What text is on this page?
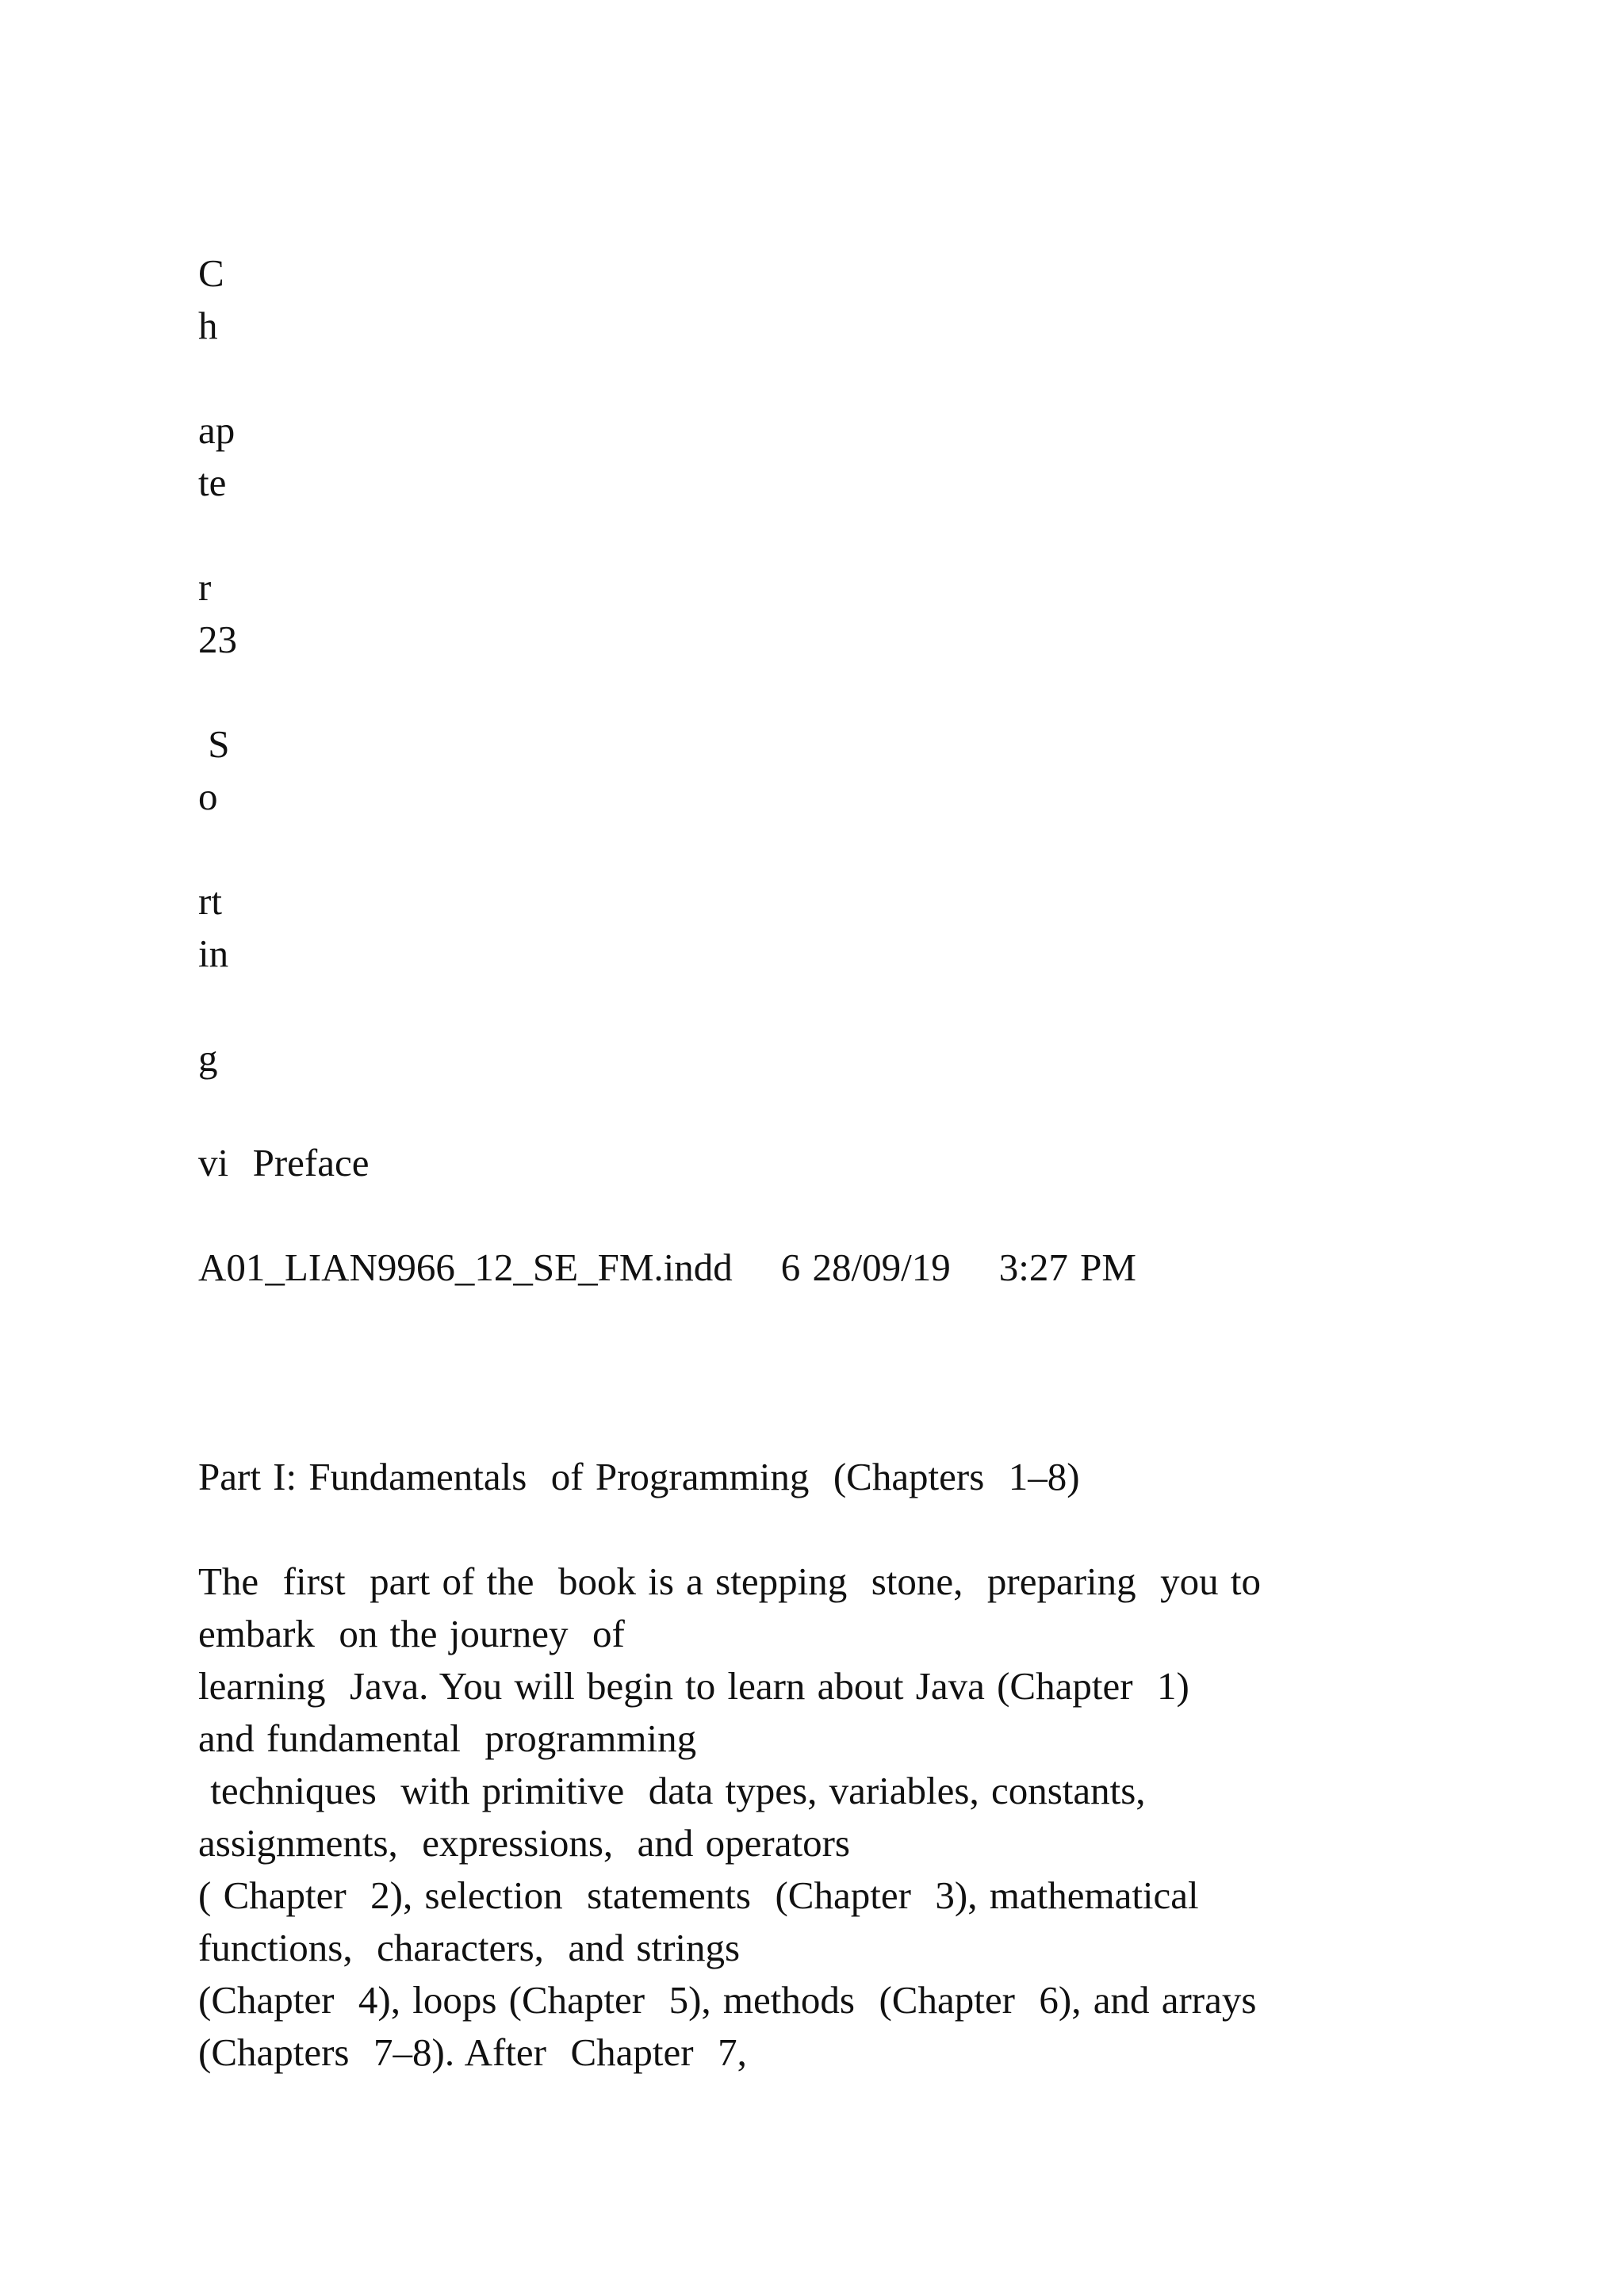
C
h
ap
te
r
23
S
o
rt
in
g
vi  Preface
A01_LIAN9966_12_SE_FM.indd    6 28/09/19    3:27 PM
Part I: Fundamentals  of Programming  (Chapters  1–8)
The  first  part of the  book is a stepping  stone,  preparing  you to
embark  on the journey  of
learning  Java. You will begin to learn about Java (Chapter  1)
and fundamental  programming
techniques  with primitive  data types, variables, constants,
assignments,  expressions,  and operators
( Chapter  2), selection  statements  (Chapter  3), mathematical
functions,  characters,  and strings
(Chapter  4), loops (Chapter  5), methods  (Chapter  6), and arrays
(Chapters  7–8). After  Chapter  7,
